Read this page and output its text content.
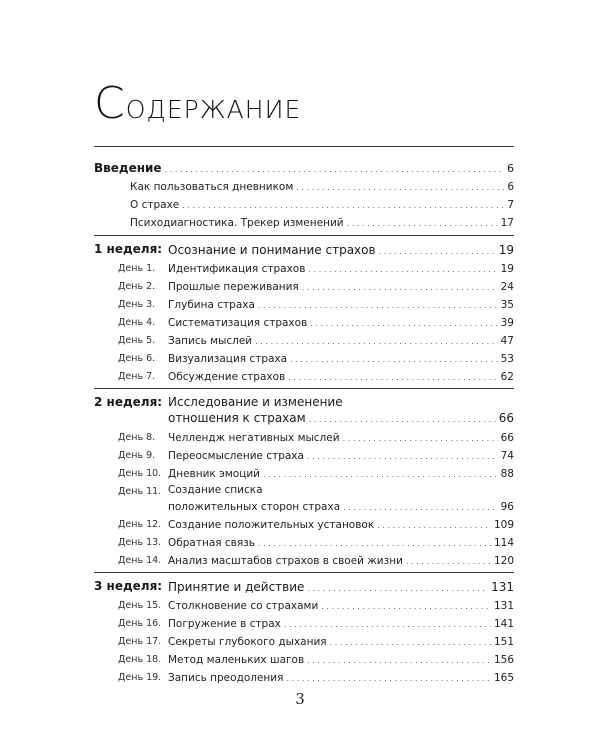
СОДЕРЖАНИЕ
Введение .....	6
Как пользоваться дневником .....	6
О страхе .....	7
Психодиагностика. Трекер изменений .....	17
1 неделя: Осознание и понимание страхов .....	19
День 1. Идентификация страхов .....	19
День 2. Прошлые переживания .....	24
День 3. Глубина страха .....	35
День 4. Систематизация страхов .....	39
День 5. Запись мыслей .....	47
День 6. Визуализация страха .....	53
День 7. Обсуждение страхов .....	62
2 неделя: Исследование и изменение
отношения к страхам .....	66
День 8. Челлендж негативных мыслей .....	66
День 9. Переосмысление страха .....	74
День 10. Дневник эмоций .....	88
День 11. Создание списка
положительных сторон страха .....	96
День 12. Создание положительных установок .....	109
День 13. Обратная связь .....	114
День 14. Анализ масштабов страхов в своей жизни .....	120
3 неделя: Принятие и действие .....	131
День 15. Столкновение со страхами .....	131
День 16. Погружение в страх .....	141
День 17. Секреты глубокого дыхания .....	151
День 18. Метод маленьких шагов .....	156
День 19. Запись преодоления .....	165
3
